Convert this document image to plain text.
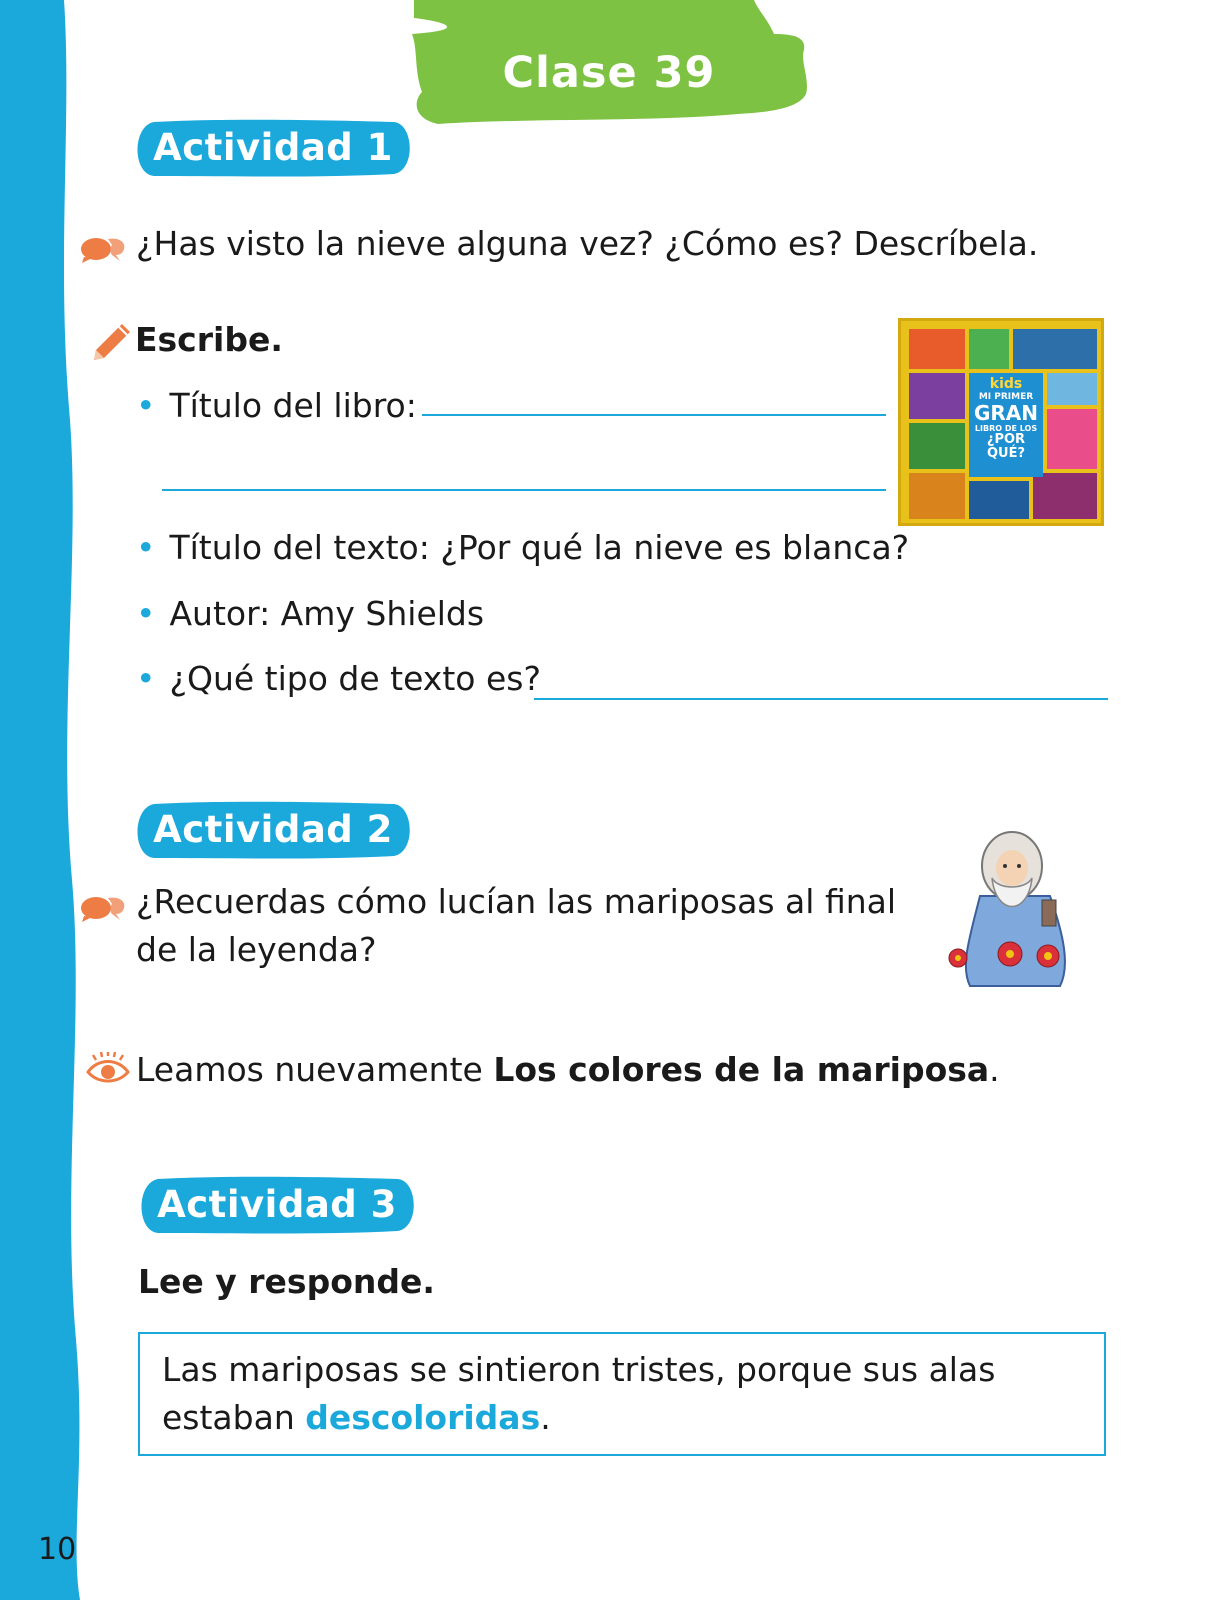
10
Clase 39
Actividad 1
¿Has visto la nieve alguna vez? ¿Cómo es? Descríbela.
Escribe.
• Título del libro:
kids
MI PRIMER
GRAN
LIBRO DE LOS
¿POR QUÉ?
• Título del texto: ¿Por qué la nieve es blanca?
• Autor: Amy Shields
• ¿Qué tipo de texto es?
Actividad 2
¿Recuerdas cómo lucían las mariposas al final
de la leyenda?
Leamos nuevamente Los colores de la mariposa.
Actividad 3
Lee y responde.
Las mariposas se sintieron tristes, porque sus alas
estaban descoloridas.
